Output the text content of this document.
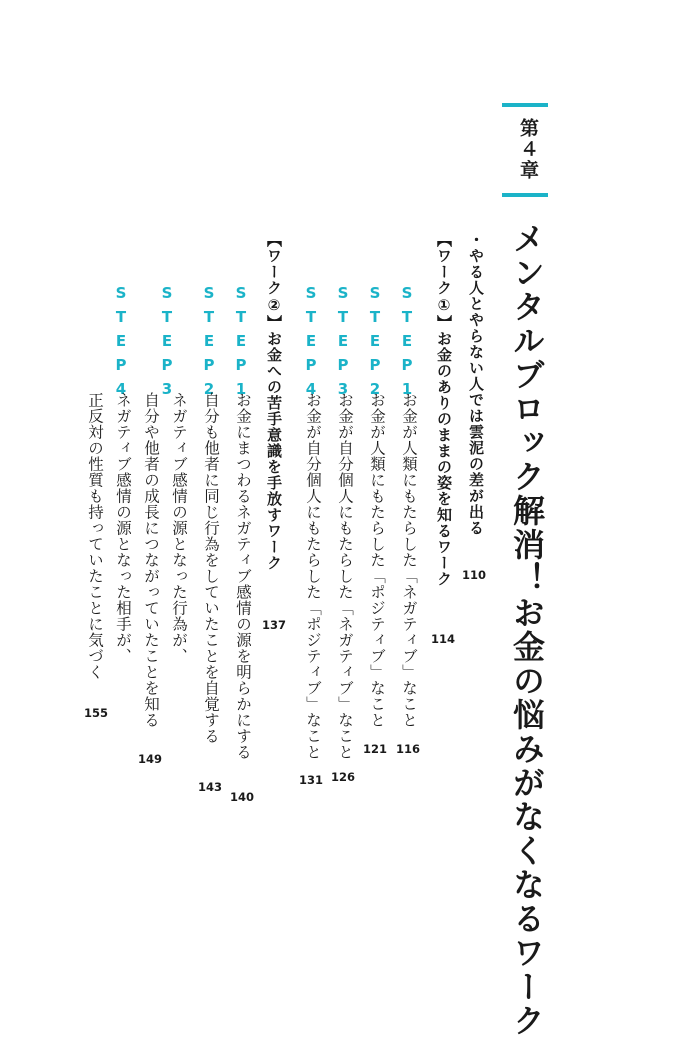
第４章
メンタルブロック解消！お金の悩みがなくなるワーク
・やる人とやらない人では雲泥の差が出る
110
【ワーク①】お金のありのままの姿を知るワーク
114
STEP1
お金が人類にもたらした「ネガティブ」なこと
116
STEP2
お金が人類にもたらした「ポジティブ」なこと
121
STEP3
お金が自分個人にもたらした「ネガティブ」なこと
126
STEP4
お金が自分個人にもたらした「ポジティブ」なこと
131
【ワーク②】お金への苦手意識を手放すワーク
137
STEP1
お金にまつわるネガティブ感情の源を明らかにする
140
STEP2
自分も他者に同じ行為をしていたことを自覚する
143
STEP3
ネガティブ感情の源となった行為が、
自分や他者の成長につながっていたことを知る
149
STEP4
ネガティブ感情の源となった相手が、
正反対の性質も持っていたことに気づく
155
